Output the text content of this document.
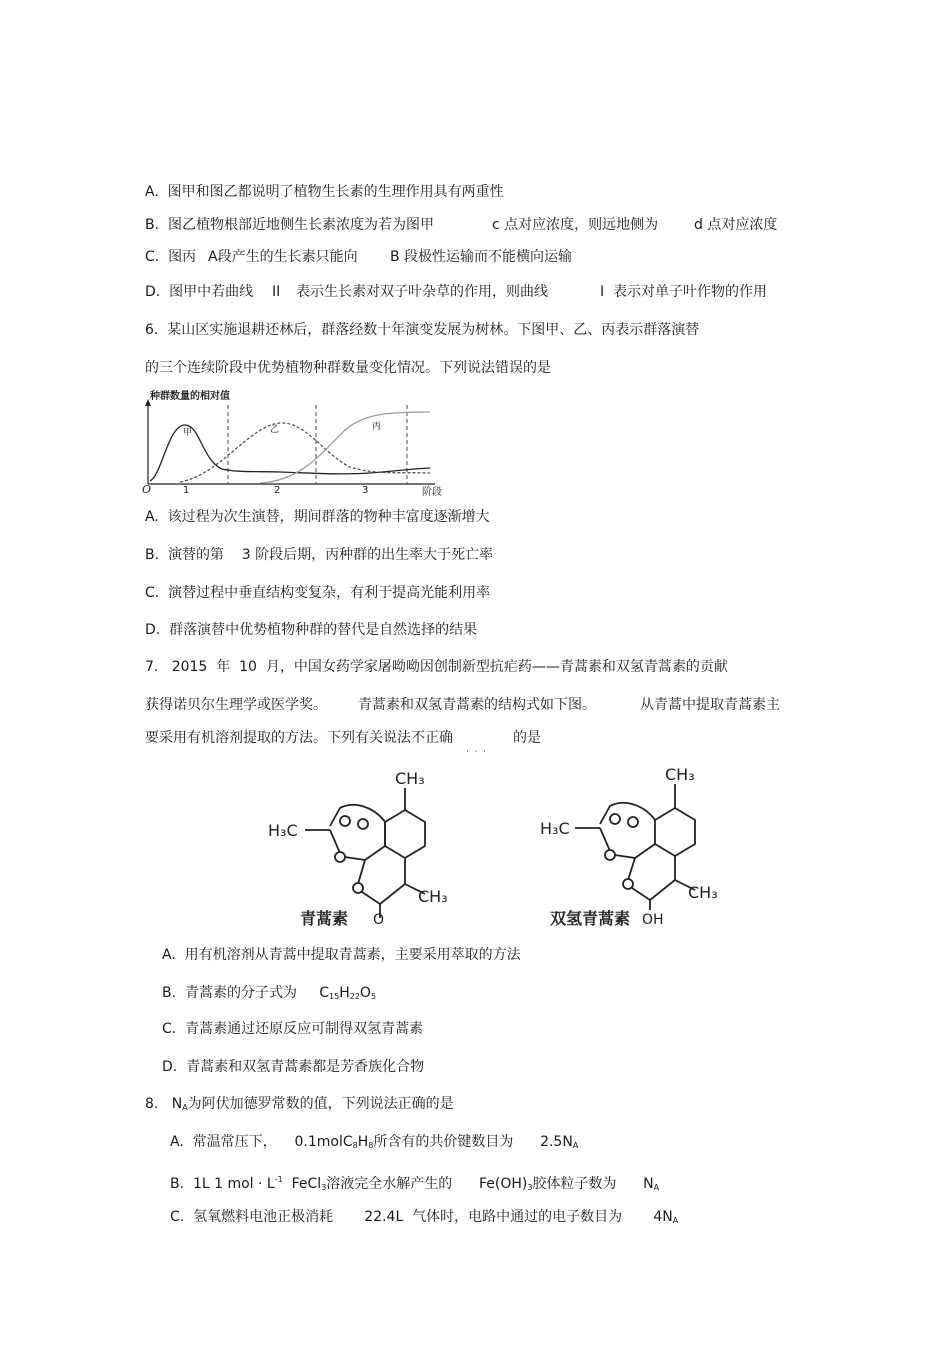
A.  图甲和图乙都说明了植物生长素的生理作用具有两重性
B.  图乙植物根部近地侧生长素浓度为若为图甲	c 点对应浓度，则远地侧为	d 点对应浓度
C.  图丙 A段产生的生长素只能向 B 段极性运输而不能横向运输
D.  图甲中若曲线 II 表示生长素对双子叶杂草的作用，则曲线	I  表示对单子叶作物的作用
6.  某山区实施退耕还林后，群落经数十年演变发展为树林。下图甲、乙、丙表示群落演替
的三个连续阶段中优势植物种群数量变化情况。下列说法错误的是
种群数量的相对值
O	1	2	3	阶段
甲	乙	丙
A.  该过程为次生演替，期间群落的物种丰富度逐渐增大
B.  演替的第    3 阶段后期，丙种群的出生率大于死亡率
C.  演替过程中垂直结构变复杂，有利于提高光能利用率
D.  群落演替中优势植物种群的替代是自然选择的结果
7.   2015  年  10  月，中国女药学家屠呦呦因创制新型抗疟药——青蒿素和双氢青蒿素的贡献
获得诺贝尔生理学或医学奖。 青蒿素和双氢青蒿素的结构式如下图。	从青蒿中提取青蒿素主
要采用有机溶剂提取的方法。下列有关说法不正确	的是
·  ·  ·
CH₃
H₃C
CH₃
O
青蒿素
CH₃
H₃C
CH₃
OH
双氢青蒿素
A.  用有机溶剂从青蒿中提取青蒿素，主要采用萃取的方法
B.  青蒿素的分子式为 $C_{15}H_{22}O_5$
C.  青蒿素通过还原反应可制得双氢青蒿素
D.  青蒿素和双氢青蒿素都是芳香族化合物
8.   $N_A$为阿伏加德罗常数的值，下列说法正确的是
A.  常温常压下， $0.1molC_8H_8$所含有的共价键数目为 $2.5N_A$
B.  1L 1 mol · $L^{-1}$ FeCl$_3$溶液完全水解产生的 $Fe(OH)_3$胶体粒子数为 $N_A$
C.  氢氧燃料电池正极消耗 22.4L 气体时，电路中通过的电子数目为 $4N_A$
